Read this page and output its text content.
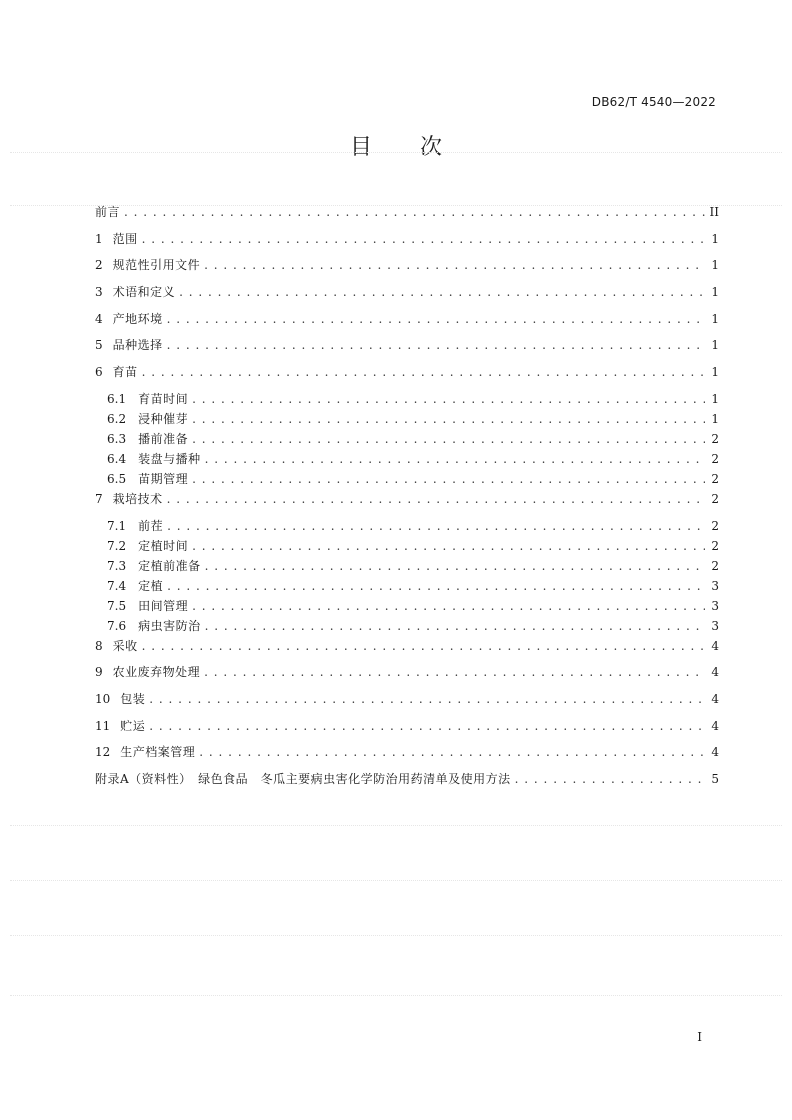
DB62/T 4540—2022
目次
前言 . . .	II
1 范围 . . .	1
2 规范性引用文件 . . .	1
3 术语和定义 . . .	1
4 产地环境 . . .	1
5 品种选择 . . .	1
6 育苗 . . .	1
6.1 育苗时间 . . .	1
6.2 浸种催芽 . . .	1
6.3 播前准备 . . .	2
6.4 装盘与播种 . . .	2
6.5 苗期管理 . . .	2
7 栽培技术 . . .	2
7.1 前茬 . . .	2
7.2 定植时间 . . .	2
7.3 定植前准备 . . .	2
7.4 定植 . . .	3
7.5 田间管理 . . .	3
7.6 病虫害防治 . . .	3
8 采收 . . .	4
9 农业废弃物处理 . . .	4
10 包装 . . .	4
11 贮运 . . .	4
12 生产档案管理 . . .	4
附录A（资料性）　绿色食品　冬瓜主要病虫害化学防治用药清单及使用方法 . . .	5
I
